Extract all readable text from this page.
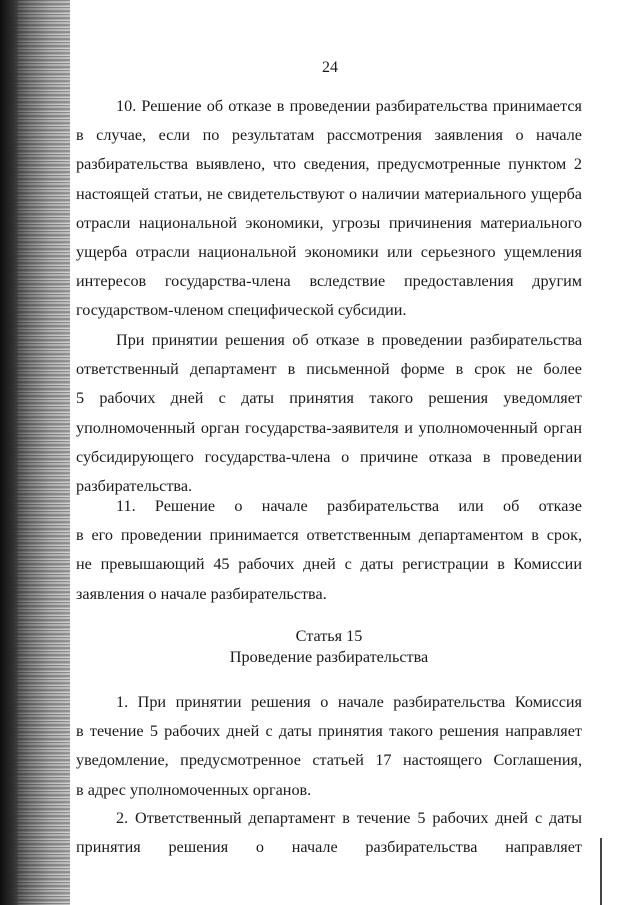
24
10. Решение об отказе в проведении разбирательства принимается
в случае, если по результатам рассмотрения заявления о начале
разбирательства выявлено, что сведения, предусмотренные пунктом 2
настоящей статьи, не свидетельствуют о наличии материального ущерба
отрасли национальной экономики, угрозы причинения материального
ущерба отрасли национальной экономики или серьезного ущемления
интересов государства-члена вследствие предоставления другим
государством-членом специфической субсидии.
При принятии решения об отказе в проведении разбирательства
ответственный департамент в письменной форме в срок не более
5 рабочих дней с даты принятия такого решения уведомляет
уполномоченный орган государства-заявителя и уполномоченный орган
субсидирующего государства-члена о причине отказа в проведении
разбирательства.
11. Решение о начале разбирательства или об отказе
в его проведении принимается ответственным департаментом в срок,
не превышающий 45 рабочих дней с даты регистрации в Комиссии
заявления о начале разбирательства.
Статья 15
Проведение разбирательства
1. При принятии решения о начале разбирательства Комиссия
в течение 5 рабочих дней с даты принятия такого решения направляет
уведомление, предусмотренное статьей 17 настоящего Соглашения,
в адрес уполномоченных органов.
2. Ответственный департамент в течение 5 рабочих дней с даты
принятия решения о начале разбирательства направляет
